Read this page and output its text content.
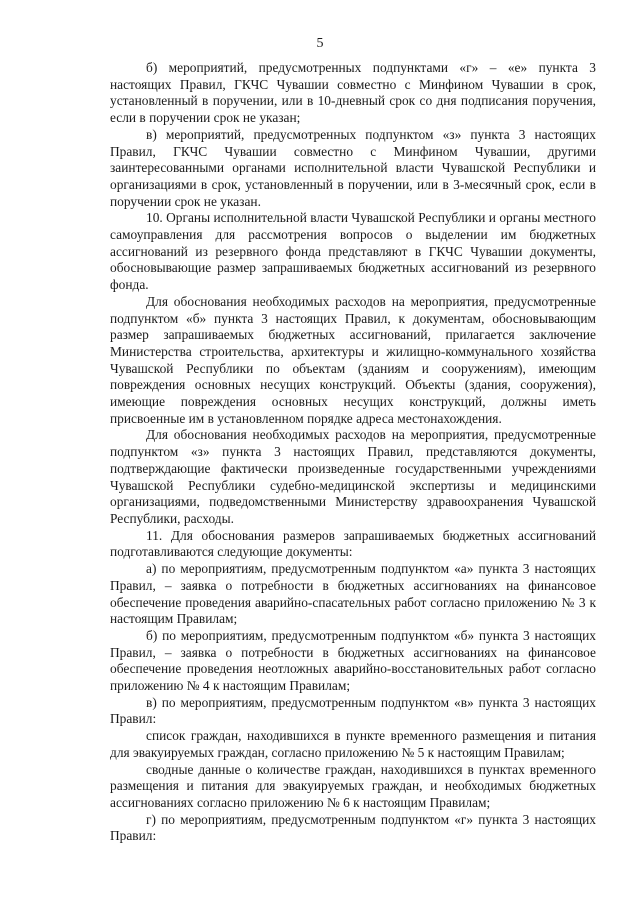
5

б) мероприятий, предусмотренных подпунктами «г» – «е» пункта 3 настоящих Правил, ГКЧС Чувашии совместно с Минфином Чувашии в срок, установленный в поручении, или в 10-дневный срок со дня подписания поручения, если в поручении срок не указан;

в) мероприятий, предусмотренных подпунктом «з» пункта 3 настоящих Правил, ГКЧС Чувашии совместно с Минфином Чувашии, другими заинтересованными органами исполнительной власти Чувашской Республики и организациями в срок, установленный в поручении, или в 3-месячный срок, если в поручении срок не указан.

10. Органы исполнительной власти Чувашской Республики и органы местного самоуправления для рассмотрения вопросов о выделении им бюджетных ассигнований из резервного фонда представляют в ГКЧС Чувашии документы, обосновывающие размер запрашиваемых бюджетных ассигнований из резервного фонда.

Для обоснования необходимых расходов на мероприятия, предусмотренные подпунктом «б» пункта 3 настоящих Правил, к документам, обосновывающим размер запрашиваемых бюджетных ассигнований, прилагается заключение Министерства строительства, архитектуры и жилищно-коммунального хозяйства Чувашской Республики по объектам (зданиям и сооружениям), имеющим повреждения основных несущих конструкций. Объекты (здания, сооружения), имеющие повреждения основных несущих конструкций, должны иметь присвоенные им в установленном порядке адреса местонахождения.

Для обоснования необходимых расходов на мероприятия, предусмотренные подпунктом «з» пункта 3 настоящих Правил, представляются документы, подтверждающие фактически произведенные государственными учреждениями Чувашской Республики судебно-медицинской экспертизы и медицинскими организациями, подведомственными Министерству здравоохранения Чувашской Республики, расходы.

11. Для обоснования размеров запрашиваемых бюджетных ассигнований подготавливаются следующие документы:

а) по мероприятиям, предусмотренным подпунктом «а» пункта 3 настоящих Правил, – заявка о потребности в бюджетных ассигнованиях на финансовое обеспечение проведения аварийно-спасательных работ согласно приложению № 3 к настоящим Правилам;

б) по мероприятиям, предусмотренным подпунктом «б» пункта 3 настоящих Правил, – заявка о потребности в бюджетных ассигнованиях на финансовое обеспечение проведения неотложных аварийно-восстановительных работ согласно приложению № 4 к настоящим Правилам;

в) по мероприятиям, предусмотренным подпунктом «в» пункта 3 настоящих Правил:

список граждан, находившихся в пункте временного размещения и питания для эвакуируемых граждан, согласно приложению № 5 к настоящим Правилам;

сводные данные о количестве граждан, находившихся в пунктах временного размещения и питания для эвакуируемых граждан, и необходимых бюджетных ассигнованиях согласно приложению № 6 к настоящим Правилам;

г) по мероприятиям, предусмотренным подпунктом «г» пункта 3 настоящих Правил:
